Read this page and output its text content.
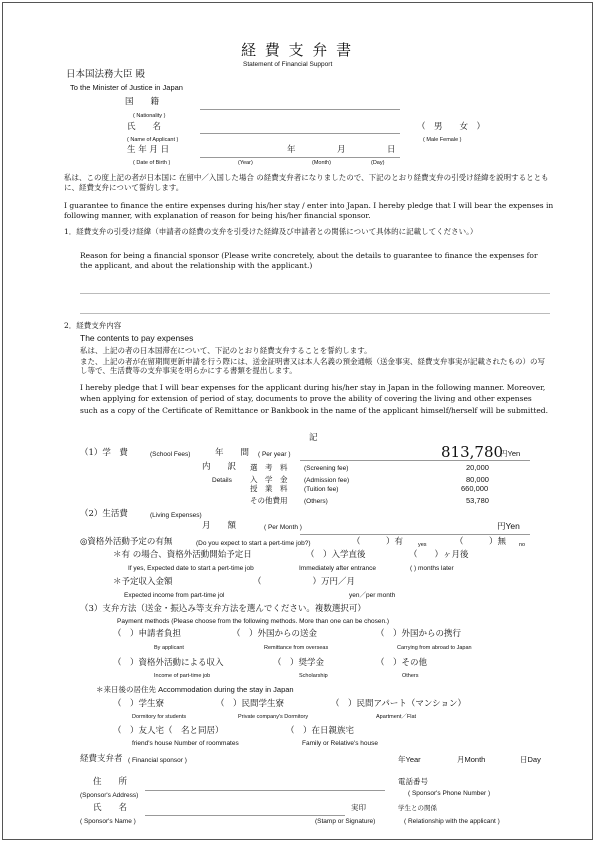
経 費 支 弁 書
Statement of Financial Support
日本国法務大臣 殿
To the Minister of Justice in Japan
国　　籍
( Nationality )
氏　　名
( Name of Applicant )
（　男　　女　）
( Male Female )
生 年 月 日
( Date of Birth )
年	月	日
(Year)	(Month)	(Day)
私は、この度上記の者が日本国に 在留中／入国した場合 の経費支弁者になりましたので、下記のとおり経費支弁の引受け経緯を説明するとともに、経費支弁について誓約します。
I guarantee to finance the entire expenses during his/her stay / enter into Japan. I hereby pledge that I will bear the expenses in following manner, with explanation of reason for being his/her financial sponsor.
1．経費支弁の引受け経緯（申請者の経費の支弁を引受けた経緯及び申請者との関係について具体的に記載してください。）
Reason for being a financial sponsor (Please write concretely, about the details to guarantee to finance the expenses for the applicant, and about the relationship with the applicant.)
2．経費支弁内容
The contents to pay expenses
私は、上記の者の日本国滞在について、下記のとおり経費支弁することを誓約します。
また、上記の者が在留期間更新申請を行う際には、送金証明書又は本人名義の預金通帳（送金事実、経費支弁事実が記載されたもの）の写し等で、生活費等の支弁事実を明らかにする書類を提出します。
I hereby pledge that I will bear expenses for the applicant during his/her stay in Japan in the following manner. Moreover, when applying for extension of period of stay, documents to prove the ability of covering the living and other expenses such as a copy of the Certificate of Remittance or Bankbook in the name of the applicant himself/herself will be submitted.
記
（1）学　費	(School Fees)	年　　間 ( Per year )	813,780
円Yen
内　　訳
Details
選　考　料	(Screening fee)	20,000
入　学　金	(Admission fee)	80,000
授　業　料	(Tuition fee)	660,000
その他費用	(Others)	53,780
（2）生活費	(Living Expenses)
月　　額	( Per Month )	円Yen
◎資格外活動予定の有無	(Do you expect to start a pert-time job?)	（　　　）有	yes	（　　　）無 no
＊有 の場合、資格外活動開始予定日
If yes, Expected date to start a pert-time job
（　）入学直後
Immediately after entrance
（　　）ヶ月後
( ) months later
＊予定収入金額
Expected income from part-time jol
（　　　　　　）万円／月
yen／per month
（3）支弁方法（送金・振込み等支弁方法を選んでください。複数選択可）
Payment methods (Please choose from the following methods. More than one can be chosen.)
（　）申請者負担
By applicant
（　）外国からの送金
Remittance from overseas
（　）外国からの携行
Carrying from abroad to Japan
（　）資格外活動による収入
Income of part-time job
（　）奨学金
Scholarship
（　）その他
Others
＊来日後の居住先 Accommodation during the stay in Japan
（　）学生寮
Dormitory for students
（　）民間学生寮
Private company's Dormitory
（　）民間アパート（マンション）
Apartment／Flat
（　）友人宅（　名と同居）
friend's house Number of roommates
（　）在日親族宅
Family or Relative's house
経費支弁者 ( Financial sponsor )	年Year	月Month	日Day
住　　所
(Sponsor's Address)
電話番号
( Sponsor's Phone Number )
氏　　名
( Sponsor's Name )
実印
(Stamp or Signature)
学生との関係
( Relationship with the applicant )
